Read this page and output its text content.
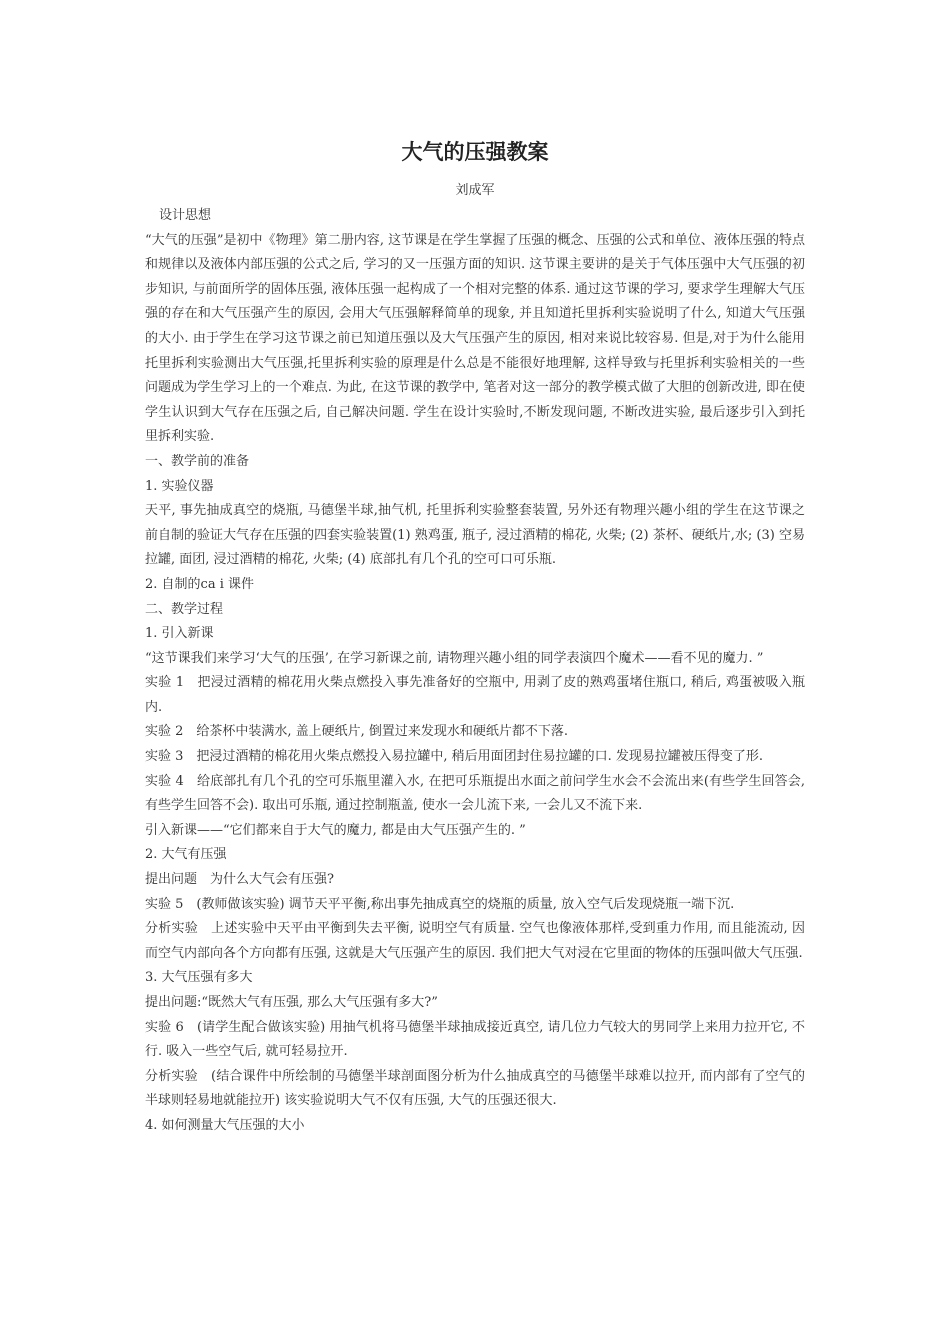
大气的压强教案
刘成军

设计思想

“大气的压强”是初中《物理》第二册内容, 这节课是在学生掌握了压强的概念、压强的公式和单位、液体压强的特点和规律以及液体内部压强的公式之后, 学习的又一压强方面的知识. 这节课主要讲的是关于气体压强中大气压强的初步知识, 与前面所学的固体压强, 液体压强一起构成了一个相对完整的体系. 通过这节课的学习, 要求学生理解大气压强的存在和大气压强产生的原因, 会用大气压强解释简单的现象, 并且知道托里拆利实验说明了什么, 知道大气压强的大小. 由于学生在学习这节课之前已知道压强以及大气压强产生的原因, 相对来说比较容易. 但是,对于为什么能用托里拆利实验测出大气压强,托里拆利实验的原理是什么总是不能很好地理解, 这样导致与托里拆利实验相关的一些问题成为学生学习上的一个难点. 为此, 在这节课的教学中, 笔者对这一部分的教学模式做了大胆的创新改进, 即在使学生认识到大气存在压强之后, 自己解决问题. 学生在设计实验时,不断发现问题, 不断改进实验, 最后逐步引入到托里拆利实验.

一、教学前的准备

1. 实验仪器

天平, 事先抽成真空的烧瓶, 马德堡半球,抽气机, 托里拆利实验整套装置, 另外还有物理兴趣小组的学生在这节课之前自制的验证大气存在压强的四套实验装置(1) 熟鸡蛋, 瓶子, 浸过酒精的棉花, 火柴; (2) 茶杯、硬纸片,水; (3) 空易拉罐, 面团, 浸过酒精的棉花, 火柴; (4) 底部扎有几个孔的空可口可乐瓶.

2. 自制的ca i 课件

二、教学过程

1. 引入新课

“这节课我们来学习‘大气的压强’, 在学习新课之前, 请物理兴趣小组的同学表演四个魔术——看不见的魔力. ”

实验 1　把浸过酒精的棉花用火柴点燃投入事先准备好的空瓶中, 用剥了皮的熟鸡蛋堵住瓶口, 稍后, 鸡蛋被吸入瓶内.

实验 2　给茶杯中装满水, 盖上硬纸片, 倒置过来发现水和硬纸片都不下落.

实验 3　把浸过酒精的棉花用火柴点燃投入易拉罐中, 稍后用面团封住易拉罐的口. 发现易拉罐被压得变了形.

实验 4　给底部扎有几个孔的空可乐瓶里灌入水, 在把可乐瓶提出水面之前问学生水会不会流出来(有些学生回答会, 有些学生回答不会). 取出可乐瓶, 通过控制瓶盖, 使水一会儿流下来, 一会儿又不流下来.

引入新课——“它们都来自于大气的魔力, 都是由大气压强产生的. ”

2. 大气有压强

提出问题　为什么大气会有压强?

实验 5　(教师做该实验) 调节天平平衡,称出事先抽成真空的烧瓶的质量, 放入空气后发现烧瓶一端下沉.

分析实验　上述实验中天平由平衡到失去平衡, 说明空气有质量. 空气也像液体那样,受到重力作用, 而且能流动, 因而空气内部向各个方向都有压强, 这就是大气压强产生的原因. 我们把大气对浸在它里面的物体的压强叫做大气压强.

3. 大气压强有多大

提出问题:“既然大气有压强, 那么大气压强有多大?”

实验 6　(请学生配合做该实验) 用抽气机将马德堡半球抽成接近真空, 请几位力气较大的男同学上来用力拉开它, 不行. 吸入一些空气后, 就可轻易拉开.

分析实验　(结合课件中所绘制的马德堡半球剖面图分析为什么抽成真空的马德堡半球难以拉开, 而内部有了空气的半球则轻易地就能拉开) 该实验说明大气不仅有压强, 大气的压强还很大.

4. 如何测量大气压强的大小
